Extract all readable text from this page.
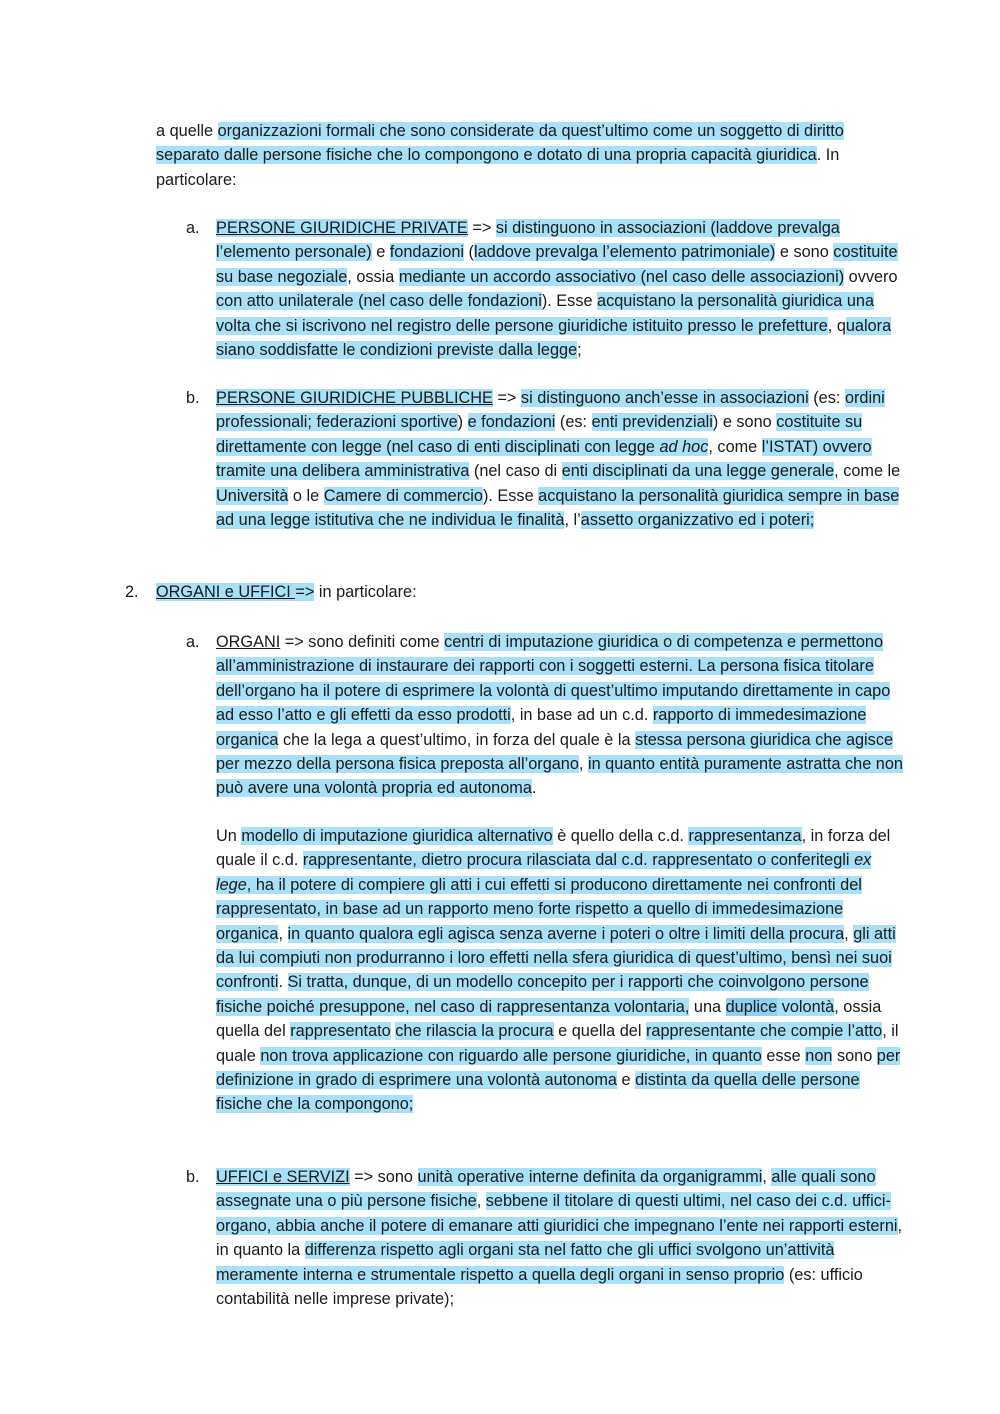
a quelle organizzazioni formali che sono considerate da quest’ultimo come un soggetto di diritto separato dalle persone fisiche che lo compongono e dotato di una propria capacità giuridica. In particolare:

a. PERSONE GIURIDICHE PRIVATE => si distinguono in associazioni (laddove prevalga l’elemento personale) e fondazioni (laddove prevalga l’elemento patrimoniale) e sono costituite su base negoziale, ossia mediante un accordo associativo (nel caso delle associazioni) ovvero con atto unilaterale (nel caso delle fondazioni). Esse acquistano la personalità giuridica una volta che si iscrivono nel registro delle persone giuridiche istituito presso le prefetture, qualora siano soddisfatte le condizioni previste dalla legge;

b. PERSONE GIURIDICHE PUBBLICHE => si distinguono anch’esse in associazioni (es: ordini professionali; federazioni sportive) e fondazioni (es: enti previdenziali) e sono costituite su direttamente con legge (nel caso di enti disciplinati con legge ad hoc, come l’ISTAT) ovvero tramite una delibera amministrativa (nel caso di enti disciplinati da una legge generale, come le Università o le Camere di commercio). Esse acquistano la personalità giuridica sempre in base ad una legge istitutiva che ne individua le finalità, l’assetto organizzativo ed i poteri;

2. ORGANI e UFFICI => in particolare:

a. ORGANI => sono definiti come centri di imputazione giuridica o di competenza e permettono all’amministrazione di instaurare dei rapporti con i soggetti esterni. La persona fisica titolare dell’organo ha il potere di esprimere la volontà di quest’ultimo imputando direttamente in capo ad esso l’atto e gli effetti da esso prodotti, in base ad un c.d. rapporto di immedesimazione organica che la lega a quest’ultimo, in forza del quale è la stessa persona giuridica che agisce per mezzo della persona fisica preposta all’organo, in quanto entità puramente astratta che non può avere una volontà propria ed autonoma.

Un modello di imputazione giuridica alternativo è quello della c.d. rappresentanza, in forza del quale il c.d. rappresentante, dietro procura rilasciata dal c.d. rappresentato o conferitegli ex lege, ha il potere di compiere gli atti i cui effetti si producono direttamente nei confronti del rappresentato, in base ad un rapporto meno forte rispetto a quello di immedesimazione organica, in quanto qualora egli agisca senza averne i poteri o oltre i limiti della procura, gli atti da lui compiuti non produrranno i loro effetti nella sfera giuridica di quest’ultimo, bensì nei suoi confronti. Si tratta, dunque, di un modello concepito per i rapporti che coinvolgono persone fisiche poiché presuppone, nel caso di rappresentanza volontaria, una duplice volontà, ossia quella del rappresentato che rilascia la procura e quella del rappresentante che compie l’atto, il quale non trova applicazione con riguardo alle persone giuridiche, in quanto esse non sono per definizione in grado di esprimere una volontà autonoma e distinta da quella delle persone fisiche che la compongono;

b. UFFICI e SERVIZI => sono unità operative interne definita da organigrammi, alle quali sono assegnate una o più persone fisiche, sebbene il titolare di questi ultimi, nel caso dei c.d. uffici-organo, abbia anche il potere di emanare atti giuridici che impegnano l’ente nei rapporti esterni, in quanto la differenza rispetto agli organi sta nel fatto che gli uffici svolgono un’attività meramente interna e strumentale rispetto a quella degli organi in senso proprio (es: ufficio contabilità nelle imprese private);
